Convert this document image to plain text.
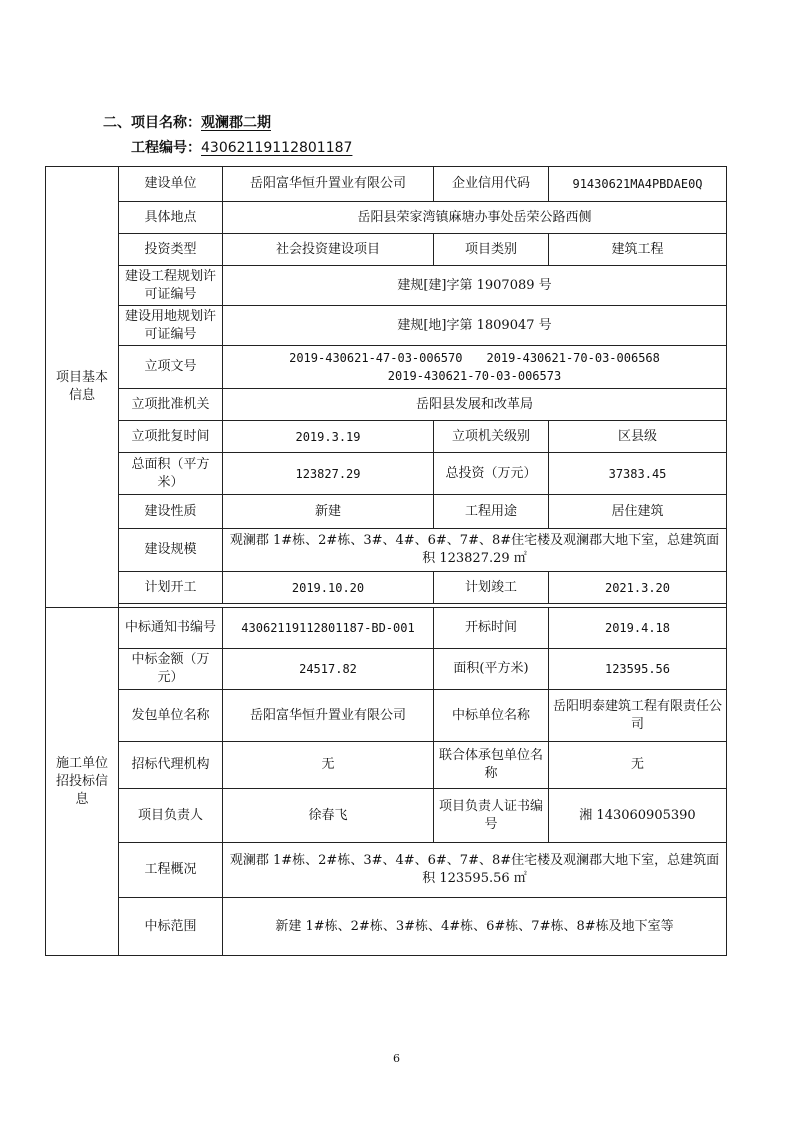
二、项目名称：观澜郡二期
工程编号：43062119112801187
项目基本信息	建设单位	岳阳富华恒升置业有限公司	企业信用代码	91430621MA4PBDAE0Q
	具体地点	岳阳县荣家湾镇麻塘办事处岳荣公路西侧		
	投资类型	社会投资建设项目	项目类别	建筑工程
	建设工程规划许可证编号	建规[建]字第 1907089 号		
	建设用地规划许可证编号	建规[地]字第 1809047 号		
	立项文号	2019-430621-47-03-006570　　2019-430621-70-03-006568
2019-430621-70-03-006573		

	立项批准机关	岳阳县发展和改革局		
	立项批复时间	2019.3.19	立项机关级别	区县级
	总面积（平方米）	123827.29	总投资（万元）	37383.45
	建设性质	新建	工程用途	居住建筑
	建设规模	观澜郡 1#栋、2#栋、3#、4#、6#、7#、8#住宅楼及观澜郡大地下室，总建筑面积 123827.29 ㎡		
	计划开工	2019.10.20	计划竣工	2021.3.20

施工单位招投标信息	中标通知书编号	43062119112801187-BD-001	开标时间	2019.4.18
	中标金额（万元）	24517.82	面积(平方米)	123595.56
	发包单位名称	岳阳富华恒升置业有限公司	中标单位名称	岳阳明泰建筑工程有限责任公司
	招标代理机构	无	联合体承包单位名称	无
	项目负责人	徐春飞	项目负责人证书编号	湘 143060905390
	工程概况	观澜郡 1#栋、2#栋、3#、4#、6#、7#、8#住宅楼及观澜郡大地下室，总建筑面积 123595.56 ㎡		
	中标范围	新建 1#栋、2#栋、3#栋、4#栋、6#栋、7#栋、8#栋及地下室等		
6
